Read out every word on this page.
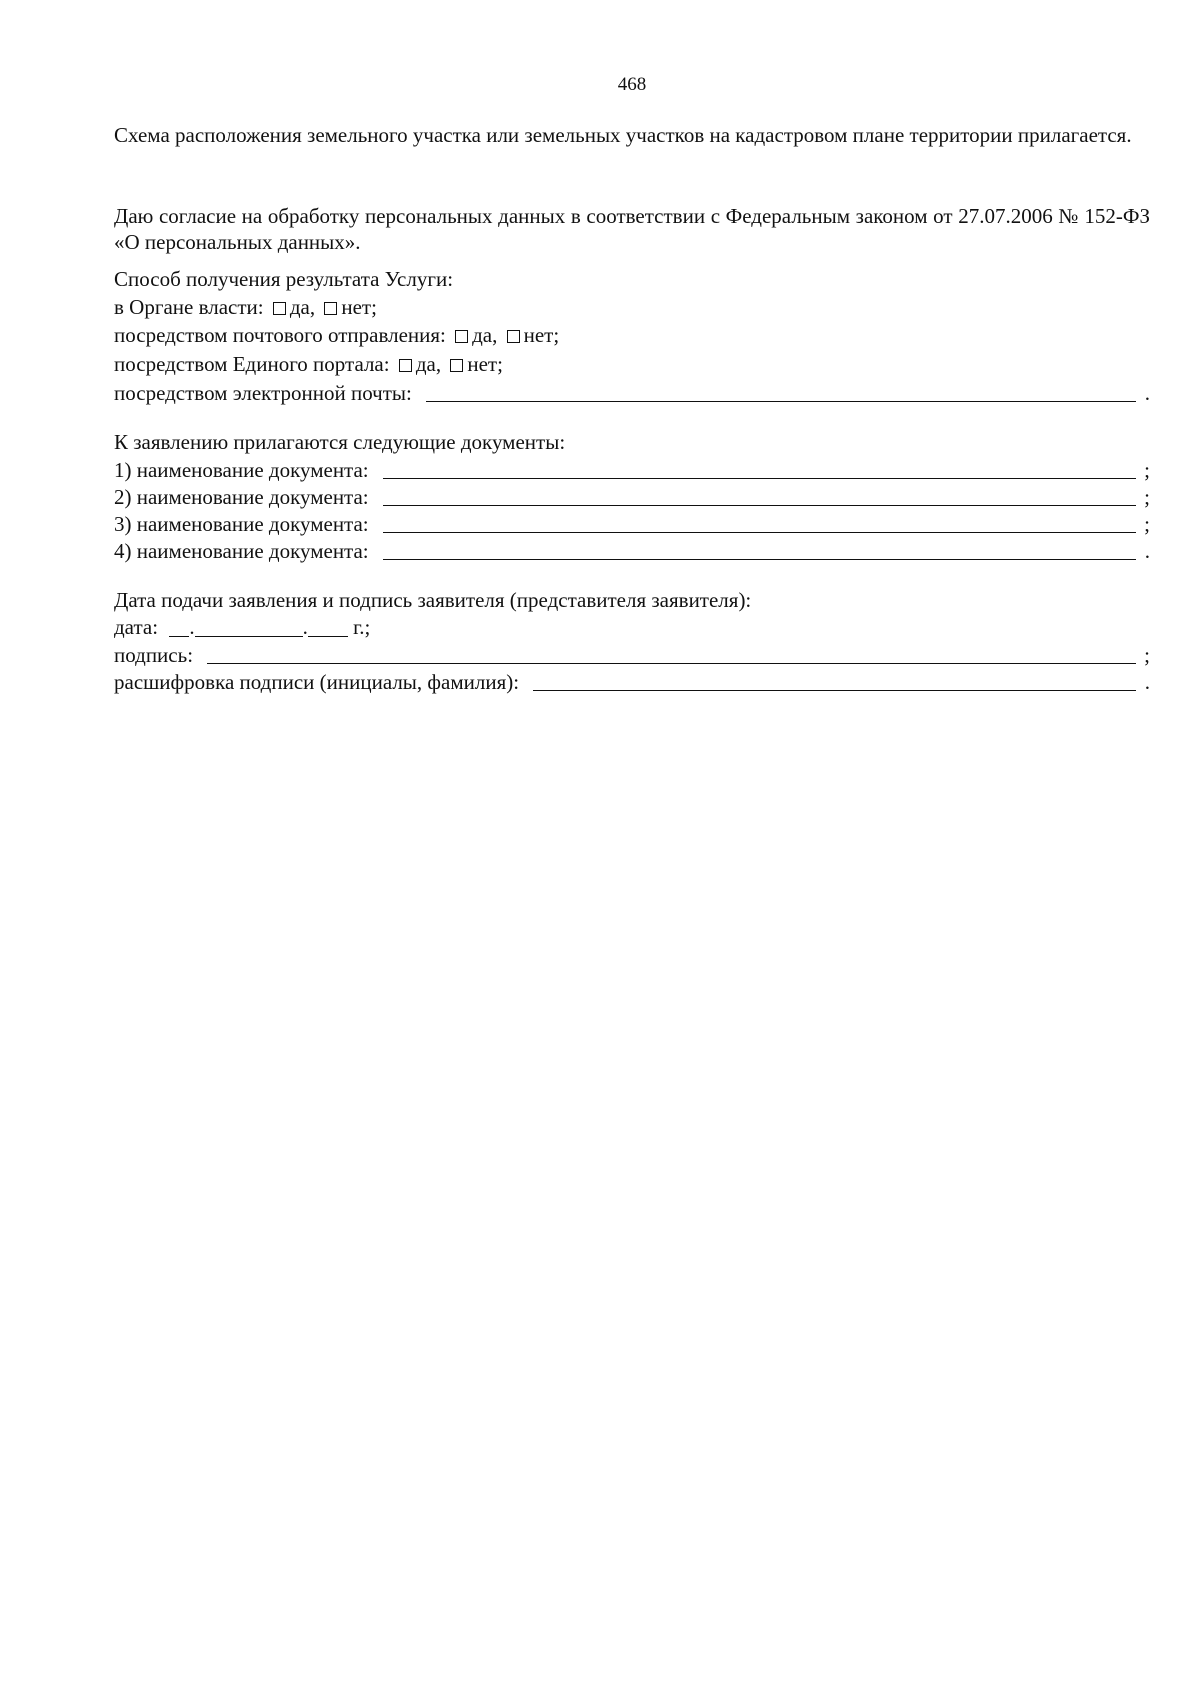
468
Схема расположения земельного участка или земельных участков на кадастровом плане территории прилагается.
Даю согласие на обработку персональных данных в соответствии с Федеральным законом от 27.07.2006 № 152-ФЗ «О персональных данных».
Способ получения результата Услуги:
в Органе власти: да, нет;
посредством почтового отправления: да, нет;
посредством Единого портала: да, нет;
посредством электронной почты:	.
К заявлению прилагаются следующие документы:
1) наименование документа:	;
2) наименование документа:	;
3) наименование документа:	;
4) наименование документа:	.
Дата подачи заявления и подпись заявителя (представителя заявителя):
дата: .	. г.;
подпись:	;
расшифровка подписи (инициалы, фамилия):	.
